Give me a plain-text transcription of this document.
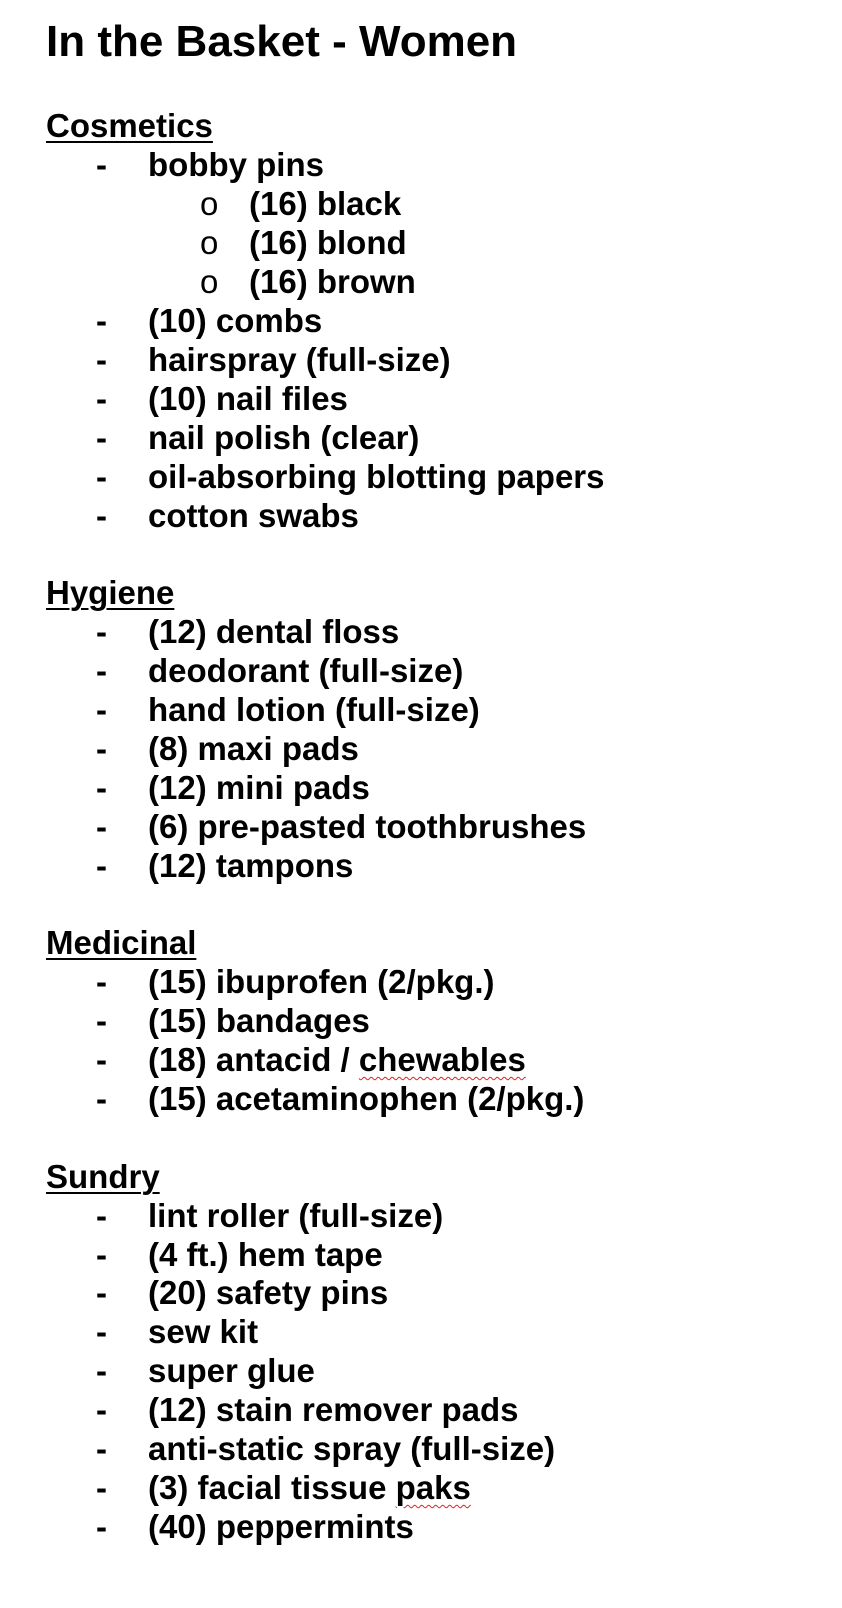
In the Basket - Women
Cosmetics
- bobby pins
o (16) black
o (16) blond
o (16) brown
- (10) combs
- hairspray (full-size)
- (10) nail files
- nail polish (clear)
- oil-absorbing blotting papers
- cotton swabs
Hygiene
- (12) dental floss
- deodorant (full-size)
- hand lotion (full-size)
- (8) maxi pads
- (12) mini pads
- (6) pre-pasted toothbrushes
- (12) tampons
Medicinal
- (15) ibuprofen (2/pkg.)
- (15) bandages
- (18) antacid / chewables
- (15) acetaminophen (2/pkg.)
Sundry
- lint roller (full-size)
- (4 ft.) hem tape
- (20) safety pins
- sew kit
- super glue
- (12) stain remover pads
- anti-static spray (full-size)
- (3) facial tissue paks
- (40) peppermints
